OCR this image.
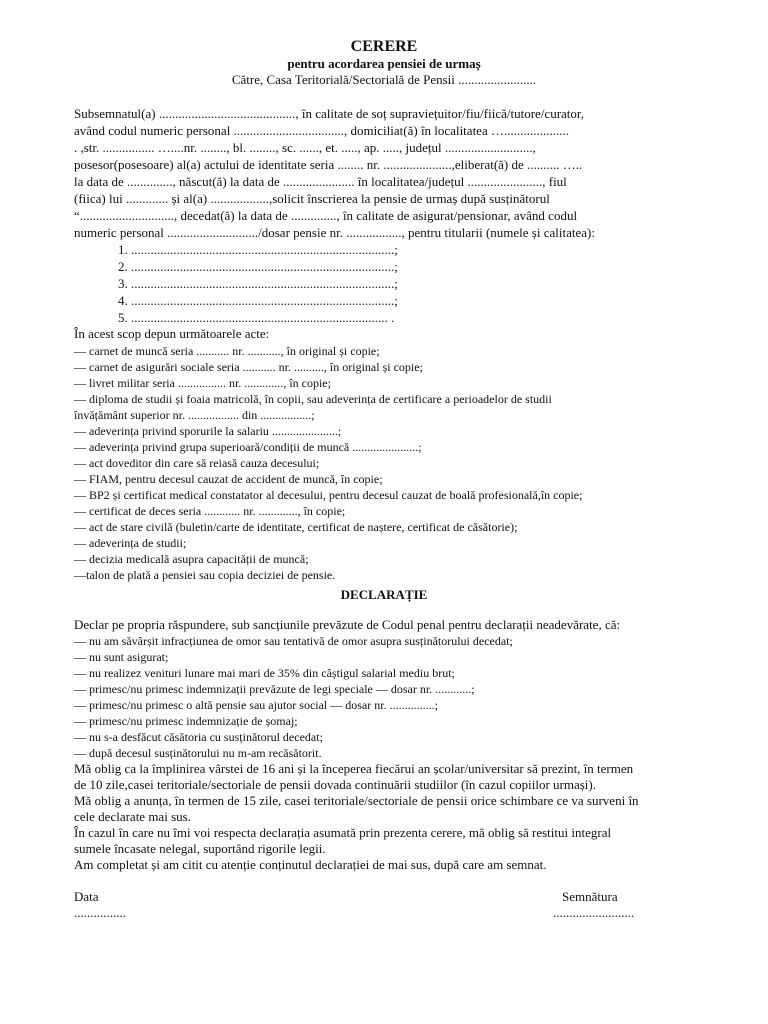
CERERE
pentru acordarea pensiei de urmaș
Către, Casa Teritorială/Sectorială de Pensii ........................
Subsemnatul(a) .........................................., în calitate de soț supraviețuitor/fiu/fiică/tutore/curator,
având codul numeric personal .................................., domiciliat(ă) în localitatea …....................
. ,str. ................ …....nr. ........, bl. ........, sc. ......, et. ....., ap. ....., județul ...........................,
posesor(posesoare) al(a) actului de identitate seria ........ nr. .....................,eliberat(ă) de .......... …..
la data de .............., născut(ă) la data de ...................... în localitatea/județul ......................., fiul
(fiica) lui ............. și al(a) ..................,solicit înscrierea la pensie de urmaș după susținătorul
“............................., decedat(ă) la data de .............., în calitate de asigurat/pensionar, având codul
numeric personal ............................/dosar pensie nr. ................., pentru titularii (numele și calitatea):
1. .................................................................................;
2. .................................................................................;
3. .................................................................................;
4. .................................................................................;
5. ............................................................................... .
În acest scop depun următoarele acte:
— carnet de muncă seria ........... nr. ..........., în original și copie;
— carnet de asigurări sociale seria ........... nr. .........., în original și copie;
— livret militar seria ................ nr. ............., în copie;
— diploma de studii și foaia matricolă, în copii, sau adeverința de certificare a perioadelor de studii
învățământ superior nr. ................. din .................;
— adeverința privind sporurile la salariu ......................;
— adeverința privind grupa superioară/condiții de muncă ......................;
— act doveditor din care să reiasă cauza decesului;
— FIAM, pentru decesul cauzat de accident de muncă, în copie;
— BP2 și certificat medical constatator al decesului, pentru decesul cauzat de boală profesională,în copie;
— certificat de deces seria ............ nr. ............., în copie;
— act de stare civilă (buletin/carte de identitate, certificat de naștere, certificat de căsătorie);
— adeverința de studii;
— decizia medicală asupra capacității de muncă;
—talon de plată a pensiei sau copia deciziei de pensie.
DECLARAȚIE
Declar pe propria răspundere, sub sancțiunile prevăzute de Codul penal pentru declarații neadevărate, că:
— nu am săvârșit infracțiunea de omor sau tentativă de omor asupra susținătorului decedat;
— nu sunt asigurat;
— nu realizez venituri lunare mai mari de 35% din câștigul salarial mediu brut;
— primesc/nu primesc indemnizații prevăzute de legi speciale — dosar nr. ............;
— primesc/nu primesc o altă pensie sau ajutor social — dosar nr. ...............;
— primesc/nu primesc indemnizație de șomaj;
— nu s-a desfăcut căsătoria cu susținătorul decedat;
— după decesul susținătorului nu m-am recăsătorit.
Mă oblig ca la împlinirea vârstei de 16 ani și la începerea fiecărui an școlar/universitar să prezint, în termen
de 10 zile,casei teritoriale/sectoriale de pensii dovada continuării studiilor (în cazul copiilor urmași).
Mă oblig a anunța, în termen de 15 zile, casei teritoriale/sectoriale de pensii orice schimbare ce va surveni în
cele declarate mai sus.
În cazul în care nu îmi voi respecta declarația asumată prin prezenta cerere, mă oblig să restitui integral
sumele încasate nelegal, suportând rigorile legii.
Am completat și am citit cu atenție conținutul declarației de mai sus, după care am semnat.
Data
................
Semnătura
.........................
